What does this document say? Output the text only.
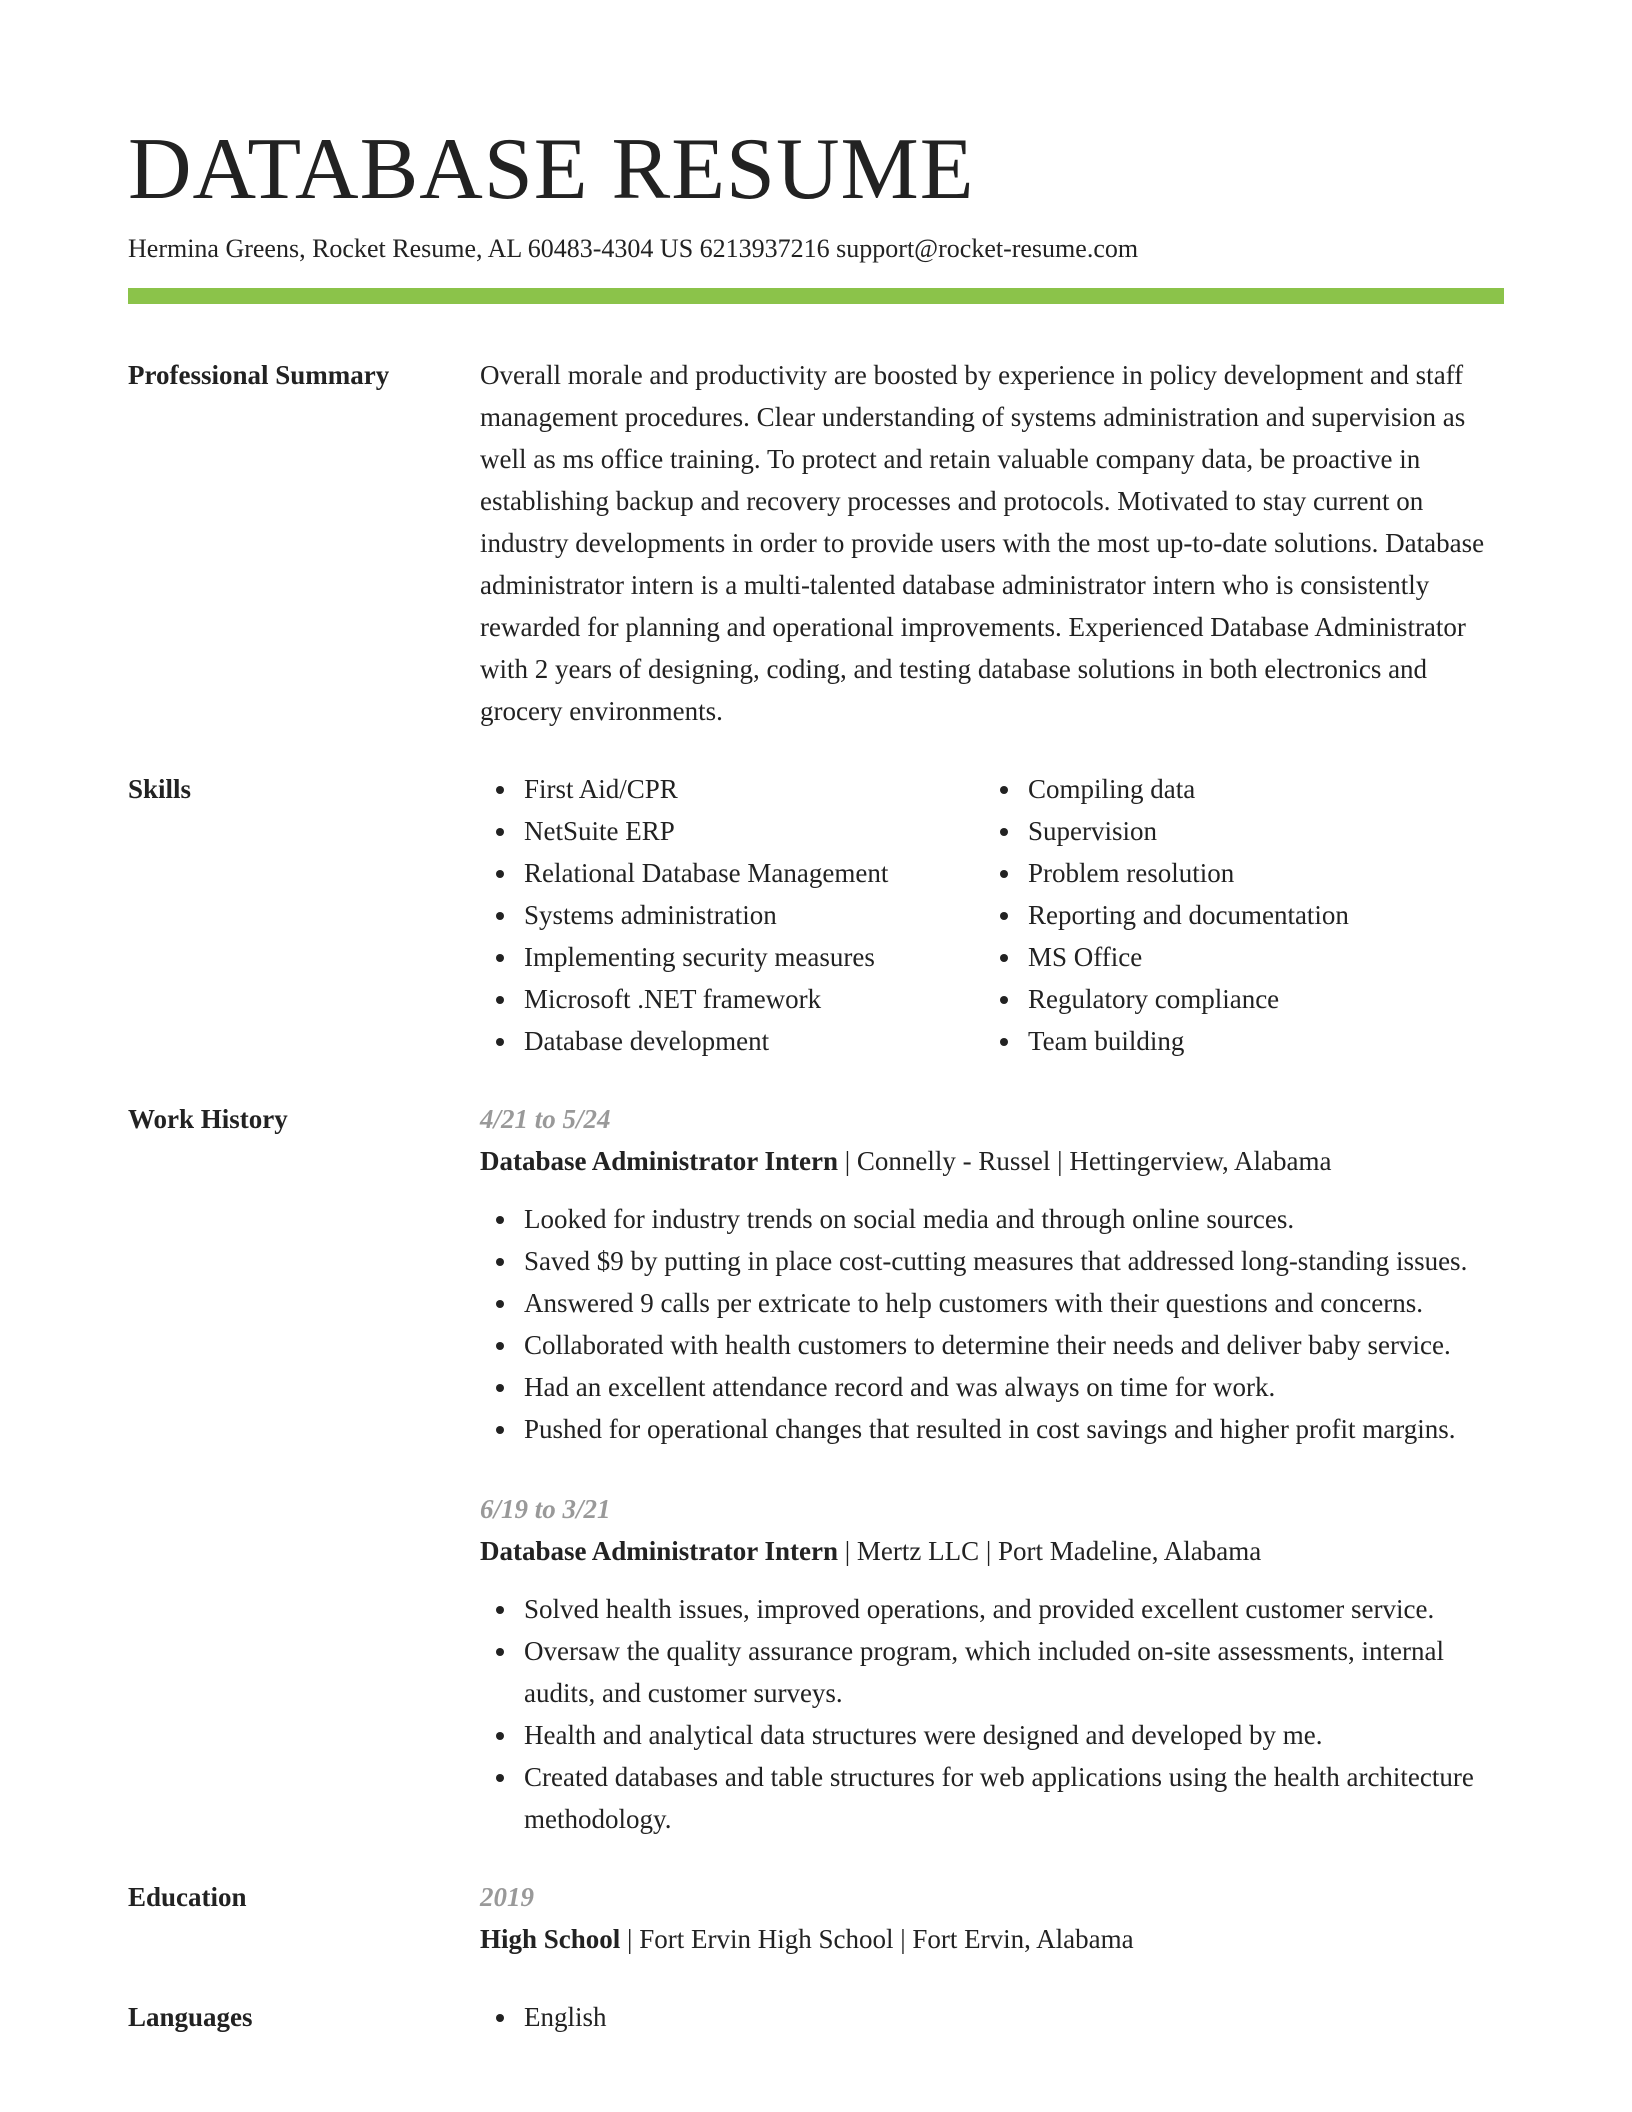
DATABASE RESUME
Hermina Greens, Rocket Resume, AL 60483-4304 US 6213937216 support@rocket-resume.com
Professional Summary	Overall morale and productivity are boosted by experience in policy development and staff management procedures. Clear understanding of systems administration and supervision as well as ms office training. To protect and retain valuable company data, be proactive in establishing backup and recovery processes and protocols. Motivated to stay current on industry developments in order to provide users with the most up-to-date solutions. Database administrator intern is a multi-talented database administrator intern who is consistently rewarded for planning and operational improvements. Experienced Database Administrator with 2 years of designing, coding, and testing database solutions in both electronics and grocery environments.

Skills	First Aid/CPR
NetSuite ERP
Relational Database Management
Systems administration
Implementing security measures
Microsoft .NET framework
Database development
Compiling data
Supervision
Problem resolution
Reporting and documentation
MS Office
Regulatory compliance
Team building
Work History	4/21 to 5/24
Database Administrator Intern | Connelly - Russel | Hettingerview, Alabama
Looked for industry trends on social media and through online sources.
Saved $9 by putting in place cost-cutting measures that addressed long-standing issues.
Answered 9 calls per extricate to help customers with their questions and concerns.
Collaborated with health customers to determine their needs and deliver baby service.
Had an excellent attendance record and was always on time for work.
Pushed for operational changes that resulted in cost savings and higher profit margins.
6/19 to 3/21
Database Administrator Intern | Mertz LLC | Port Madeline, Alabama
Solved health issues, improved operations, and provided excellent customer service.
Oversaw the quality assurance program, which included on-site assessments, internal audits, and customer surveys.
Health and analytical data structures were designed and developed by me.
Created databases and table structures for web applications using the health architecture methodology.
Education	2019
High School | Fort Ervin High School | Fort Ervin, Alabama
Languages	English
